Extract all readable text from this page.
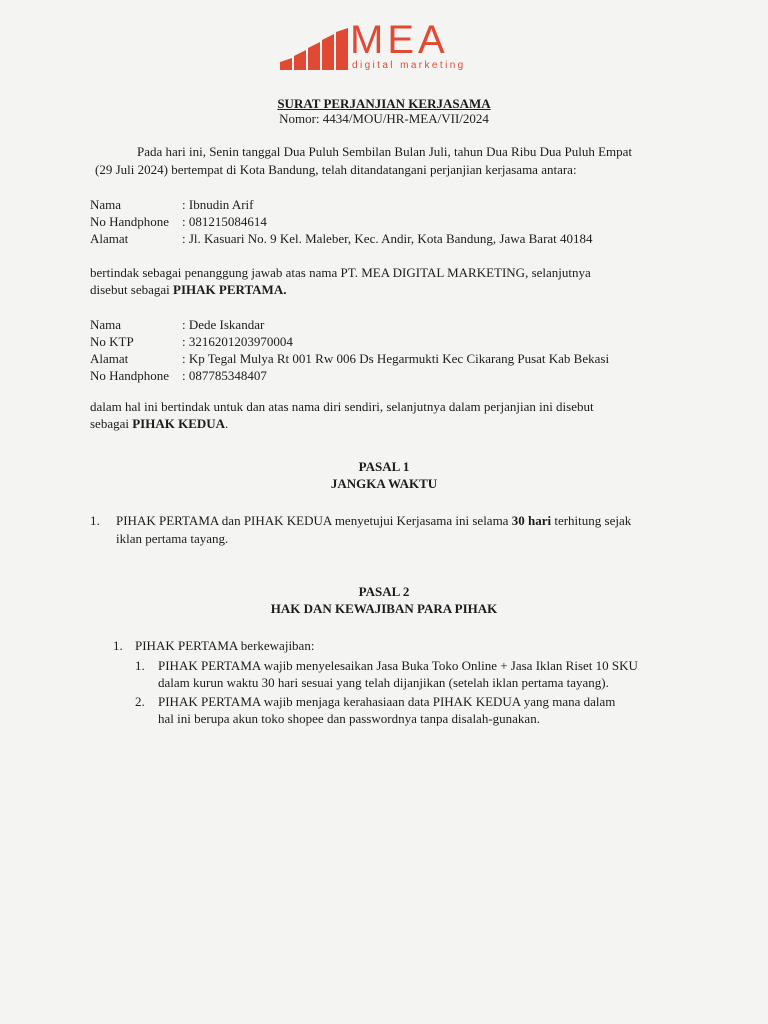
MEA
digital marketing
SURAT PERJANJIAN KERJASAMA
Nomor: 4434/MOU/HR-MEA/VII/2024
Pada hari ini, Senin tanggal Dua Puluh Sembilan Bulan Juli, tahun Dua Ribu Dua Puluh Empat
(29 Juli 2024) bertempat di Kota Bandung, telah ditandatangani perjanjian kerjasama antara:
Nama	: Ibnudin Arif
No Handphone : 081215084614
Alamat	: Jl. Kasuari No. 9 Kel. Maleber, Kec. Andir, Kota Bandung, Jawa Barat 40184
bertindak sebagai penanggung jawab atas nama PT. MEA DIGITAL MARKETING, selanjutnya
disebut sebagai PIHAK PERTAMA.
Nama	: Dede Iskandar
No KTP	: 3216201203970004
Alamat	: Kp Tegal Mulya Rt 001 Rw 006 Ds Hegarmukti Kec Cikarang Pusat Kab Bekasi
No Handphone : 087785348407
dalam hal ini bertindak untuk dan atas nama diri sendiri, selanjutnya dalam perjanjian ini disebut
sebagai PIHAK KEDUA.
PASAL 1
JANGKA WAKTU
1. PIHAK PERTAMA dan PIHAK KEDUA menyetujui Kerjasama ini selama 30 hari terhitung sejak
iklan pertama tayang.
PASAL 2
HAK DAN KEWAJIBAN PARA PIHAK
1. PIHAK PERTAMA berkewajiban:
1. PIHAK PERTAMA wajib menyelesaikan Jasa Buka Toko Online + Jasa Iklan Riset 10 SKU
dalam kurun waktu 30 hari sesuai yang telah dijanjikan (setelah iklan pertama tayang).
2. PIHAK PERTAMA wajib menjaga kerahasiaan data PIHAK KEDUA yang mana dalam
hal ini berupa akun toko shopee dan passwordnya tanpa disalah-gunakan.
